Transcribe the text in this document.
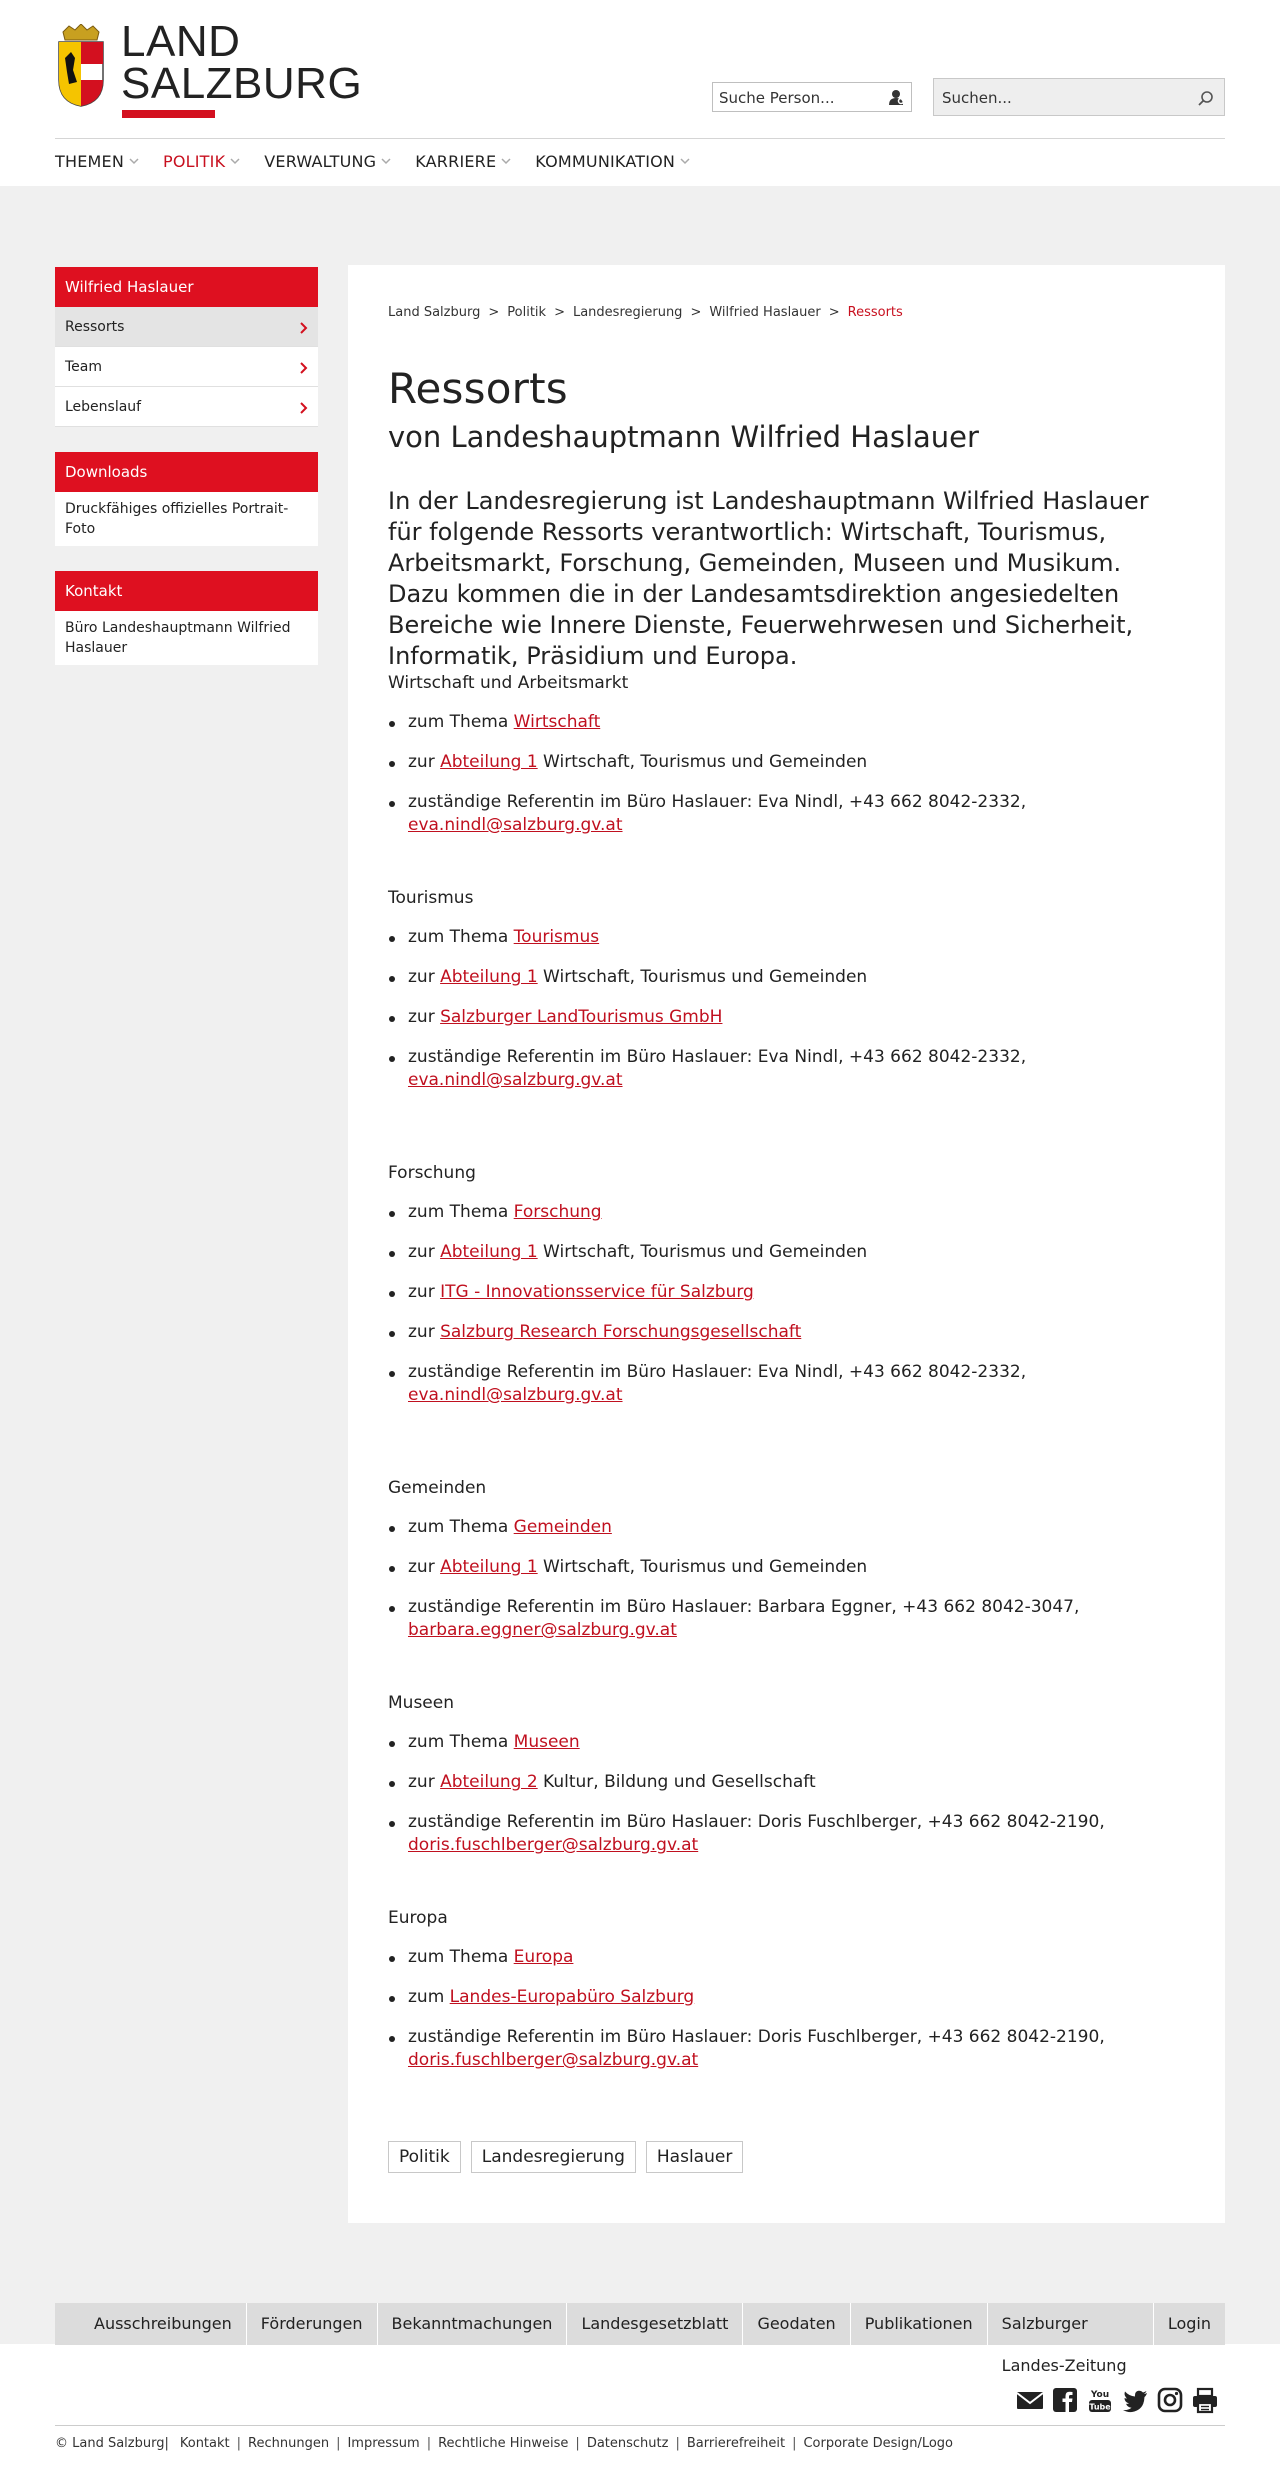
LAND
SALZBURG	Suche Person...	Suchen...
THEMEN POLITIK VERWALTUNG KARRIERE KOMMUNIKATION
Wilfried Haslauer
Ressorts
Team
Lebenslauf
Downloads
Druckfähiges offizielles Portrait-Foto
Kontakt
Büro Landeshauptmann Wilfried Haslauer
Land Salzburg > Politik > Landesregierung > Wilfried Haslauer > Ressorts
Ressorts
von Landeshauptmann Wilfried Haslauer

In der Landesregierung ist Landeshauptmann Wilfried Haslauer für folgende Ressorts verantwortlich: Wirtschaft, Tourismus, Arbeitsmarkt, Forschung, Gemeinden, Museen und Musikum. Dazu kommen die in der Landesamtsdirektion angesiedelten Bereiche wie Innere Dienste, Feuerwehrwesen und Sicherheit, Informatik, Präsidium und Europa.

Wirtschaft und Arbeitsmarkt
zum Thema Wirtschaft
zur Abteilung 1 Wirtschaft, Tourismus und Gemeinden
zuständige Referentin im Büro Haslauer: Eva Nindl, +43 662 8042-2332,
eva.nindl@salzburg.gv.at
Tourismus
zum Thema Tourismus
zur Abteilung 1 Wirtschaft, Tourismus und Gemeinden
zur Salzburger LandTourismus GmbH
zuständige Referentin im Büro Haslauer: Eva Nindl, +43 662 8042-2332,
eva.nindl@salzburg.gv.at
Forschung
zum Thema Forschung
zur Abteilung 1 Wirtschaft, Tourismus und Gemeinden
zur ITG - Innovationsservice für Salzburg
zur Salzburg Research Forschungsgesellschaft
zuständige Referentin im Büro Haslauer: Eva Nindl, +43 662 8042-2332,
eva.nindl@salzburg.gv.at
Gemeinden
zum Thema Gemeinden
zur Abteilung 1 Wirtschaft, Tourismus und Gemeinden
zuständige Referentin im Büro Haslauer: Barbara Eggner, +43 662 8042-3047,
barbara.eggner@salzburg.gv.at
Museen
zum Thema Museen
zur Abteilung 2 Kultur, Bildung und Gesellschaft
zuständige Referentin im Büro Haslauer: Doris Fuschlberger, +43 662 8042-2190,
doris.fuschlberger@salzburg.gv.at
Europa
zum Thema Europa
zum Landes-Europabüro Salzburg
zuständige Referentin im Büro Haslauer: Doris Fuschlberger, +43 662 8042-2190,
doris.fuschlberger@salzburg.gv.at
Politik	Landesregierung	Haslauer
Ausschreibungen	Förderungen	Bekanntmachungen	Landesgesetzblatt	Geodaten	Publikationen	Salzburger Landes-Zeitung
Login
You
Tube
© Land Salzburg| Kontakt | Rechnungen | Impressum | Rechtliche Hinweise | Datenschutz | Barrierefreiheit | Corporate Design/Logo
